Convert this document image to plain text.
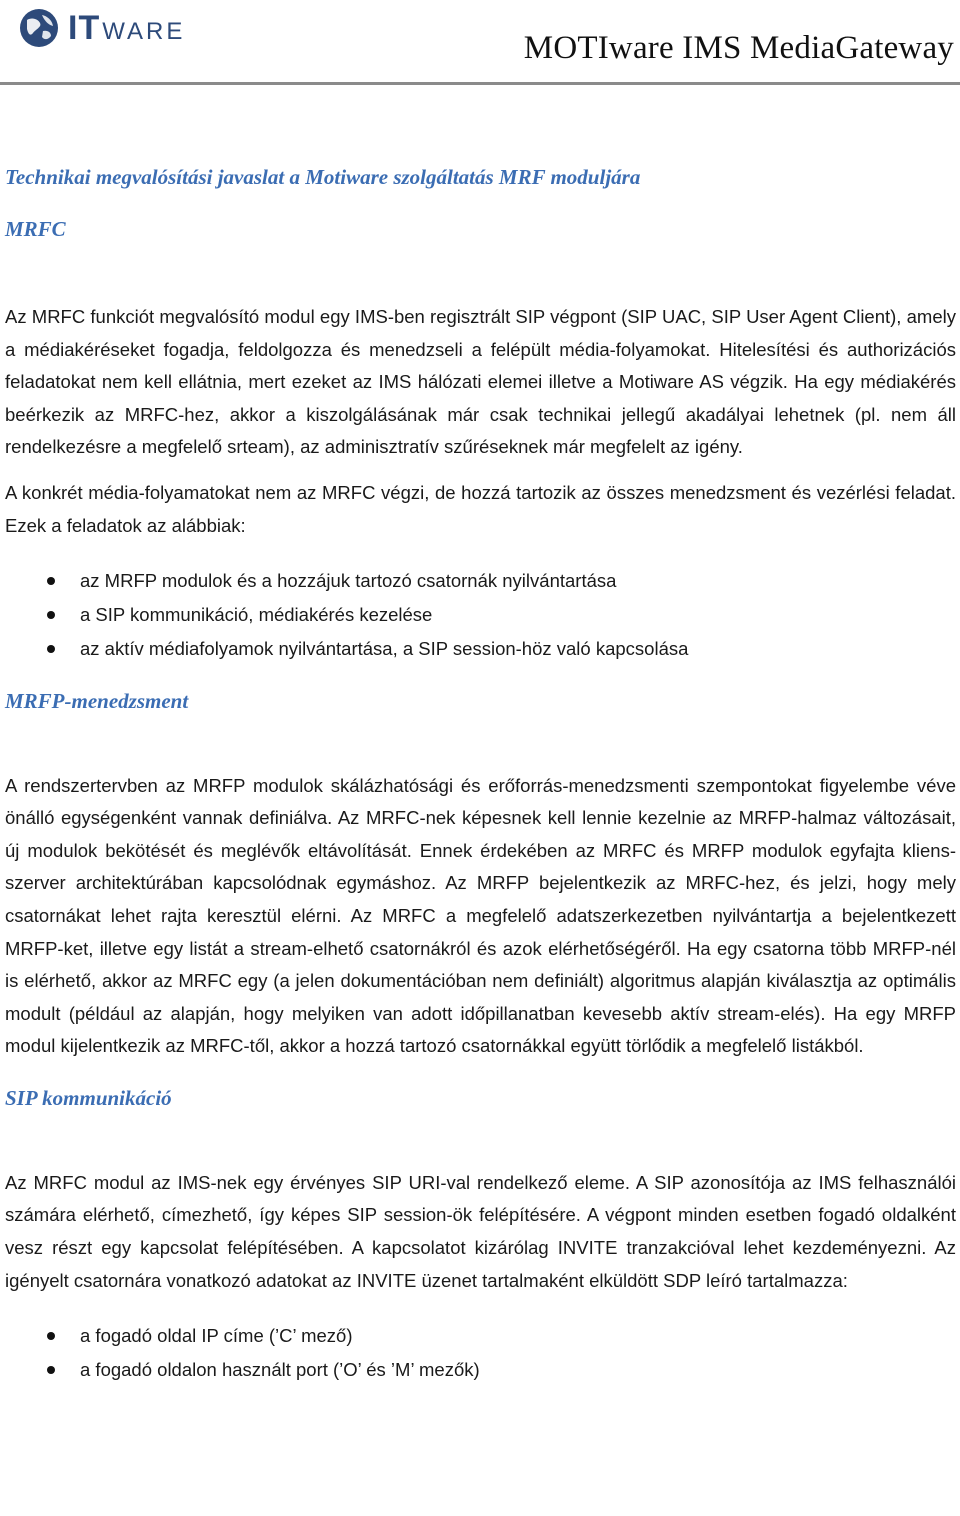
IT WARE	MOTIware IMS MediaGateway
Technikai megvalósítási javaslat a Motiware szolgáltatás MRF moduljára
MRFC

Az MRFC funkciót megvalósító modul egy IMS-ben regisztrált SIP végpont (SIP UAC, SIP User Agent Client), amely a médiakéréseket fogadja, feldolgozza és menedzseli a felépült média-folyamokat. Hitelesítési és authorizációs feladatokat nem kell ellátnia, mert ezeket az IMS hálózati elemei illetve a Motiware AS végzik. Ha egy médiakérés beérkezik az MRFC-hez, akkor a kiszolgálásának már csak technikai jellegű akadályai lehetnek (pl. nem áll rendelkezésre a megfelelő srteam), az adminisztratív szűréseknek már megfelelt az igény.

A konkrét média-folyamatokat nem az MRFC végzi, de hozzá tartozik az összes menedzsment és vezérlési feladat. Ezek a feladatok az alábbiak:

az MRFP modulok és a hozzájuk tartozó csatornák nyilvántartása
a SIP kommunikáció, médiakérés kezelése
az aktív médiafolyamok nyilvántartása, a SIP session-höz való kapcsolása
MRFP-menedzsment

A rendszertervben az MRFP modulok skálázhatósági és erőforrás-menedzsmenti szempontokat figyelembe véve önálló egységenként vannak definiálva. Az MRFC-nek képesnek kell lennie kezelnie az MRFP-halmaz változásait, új modulok bekötését és meglévők eltávolítását. Ennek érdekében az MRFC és MRFP modulok egyfajta kliens-szerver architektúrában kapcsolódnak egymáshoz. Az MRFP bejelentkezik az MRFC-hez, és jelzi, hogy mely csatornákat lehet rajta keresztül elérni. Az MRFC a megfelelő adatszerkezetben nyilvántartja a bejelentkezett MRFP-ket, illetve egy listát a stream-elhető csatornákról és azok elérhetőségéről. Ha egy csatorna több MRFP-nél is elérhető, akkor az MRFC egy (a jelen dokumentációban nem definiált) algoritmus alapján kiválasztja az optimális modult (például az alapján, hogy melyiken van adott időpillanatban kevesebb aktív stream-elés). Ha egy MRFP modul kijelentkezik az MRFC-től, akkor a hozzá tartozó csatornákkal együtt törlődik a megfelelő listákból.

SIP kommunikáció

Az MRFC modul az IMS-nek egy érvényes SIP URI-val rendelkező eleme. A SIP azonosítója az IMS felhasználói számára elérhető, címezhető, így képes SIP session-ök felépítésére. A végpont minden esetben fogadó oldalként vesz részt egy kapcsolat felépítésében. A kapcsolatot kizárólag INVITE tranzakcióval lehet kezdeményezni. Az igényelt csatornára vonatkozó adatokat az INVITE üzenet tartalmaként elküldött SDP leíró tartalmazza:

a fogadó oldal IP címe (’C’ mező)
a fogadó oldalon használt port (’O’ és ’M’ mezők)
